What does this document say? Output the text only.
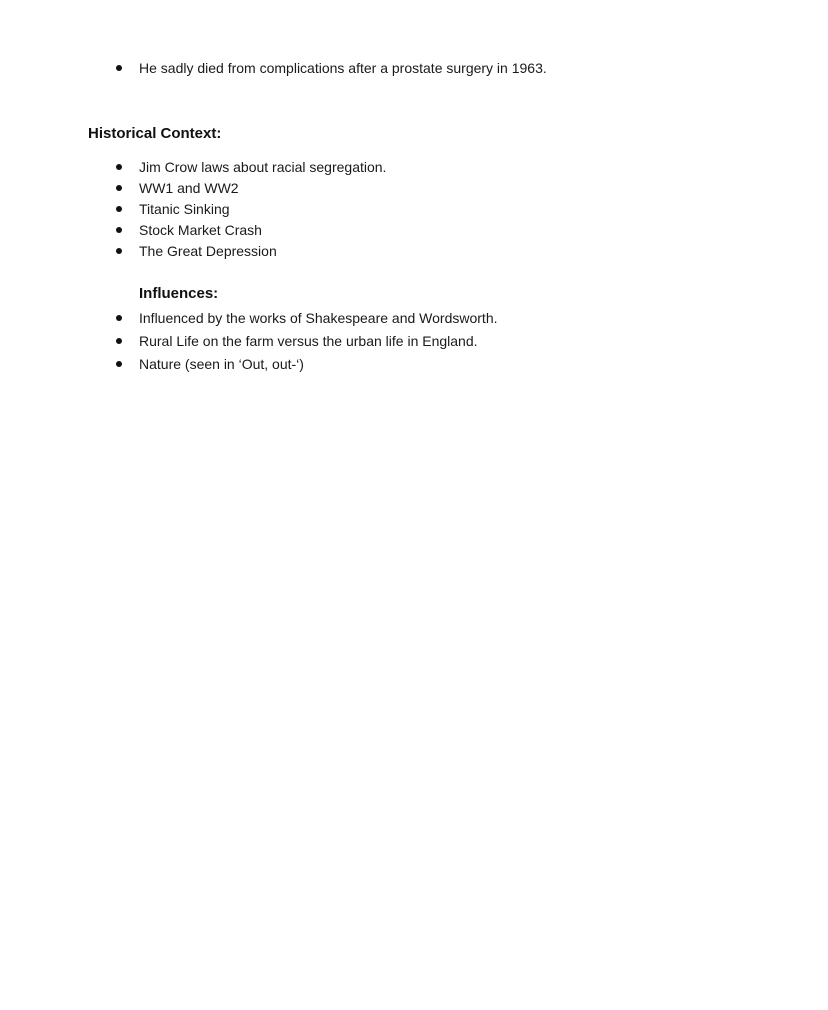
He sadly died from complications after a prostate surgery in 1963.
Historical Context:
Jim Crow laws about racial segregation.
WW1 and WW2
Titanic Sinking
Stock Market Crash
The Great Depression
Influences:
Influenced by the works of Shakespeare and Wordsworth.
Rural Life on the farm versus the urban life in England.
Nature (seen in ‘Out, out-‘)
